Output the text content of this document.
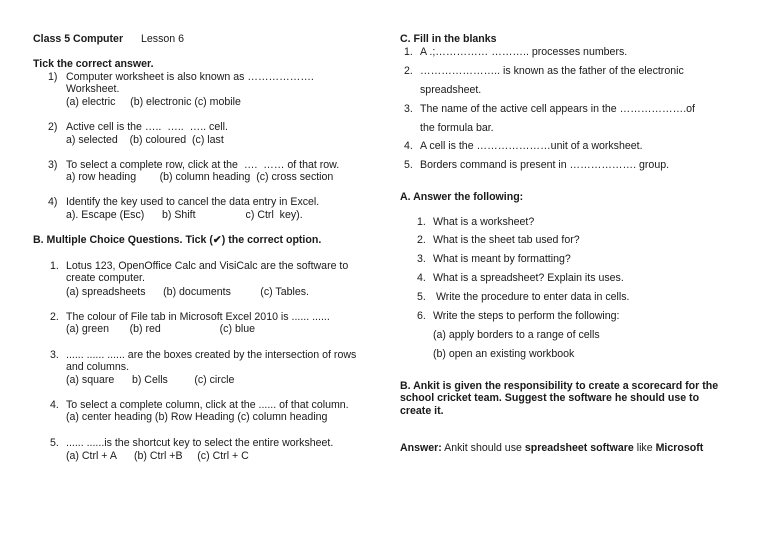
Class 5 Computer Lesson 6
Tick the correct answer.
1) Computer worksheet is also known as ……………….
Worksheet.
(a) electric     (b) electronic (c) mobile
2) Active cell is the …..  …..  ….. cell.
a) selected    (b) coloured  (c) last
3) To select a complete row, click at the  ….  …… of that row.
a) row heading        (b) column heading  (c) cross section
4) Identify the key used to cancel the data entry in Excel.
a). Escape (Esc)      b) Shift                 c) Ctrl  key).
B. Multiple Choice Questions. Tick (✔) the correct option.
1. Lotus 123, OpenOffice Calc and VisiCalc are the software to
create computer.
(a) spreadsheets      (b) documents          (c) Tables.
2. The colour of File tab in Microsoft Excel 2010 is ...... ......
(a) green       (b) red                    (c) blue
3. ...... ...... ...... are the boxes created by the intersection of rows
and columns.
(a) square      b) Cells         (c) circle
4. To select a complete column, click at the ...... of that column.
(a) center heading (b) Row Heading (c) column heading
5. ...... ......is the shortcut key to select the entire worksheet.
(a) Ctrl + A      (b) Ctrl +B     (c) Ctrl + C
C. Fill in the blanks
1. A .;…………… ……….. processes numbers.
2. ………………….. is known as the father of the electronic
spreadsheet.
3. The name of the active cell appears in the ……………….of
the formula bar.
4. A cell is the …………………unit of a worksheet.
5. Borders command is present in ………………. group.
A. Answer the following:
1. What is a worksheet?
2. What is the sheet tab used for?
3. What is meant by formatting?
4. What is a spreadsheet? Explain its uses.
5. Write the procedure to enter data in cells.
6. Write the steps to perform the following:
(a) apply borders to a range of cells
(b) open an existing workbook
B. Ankit is given the responsibility to create a scorecard for the
school cricket team. Suggest the software he should use to
create it.
Answer: Ankit should use spreadsheet software like Microsoft
